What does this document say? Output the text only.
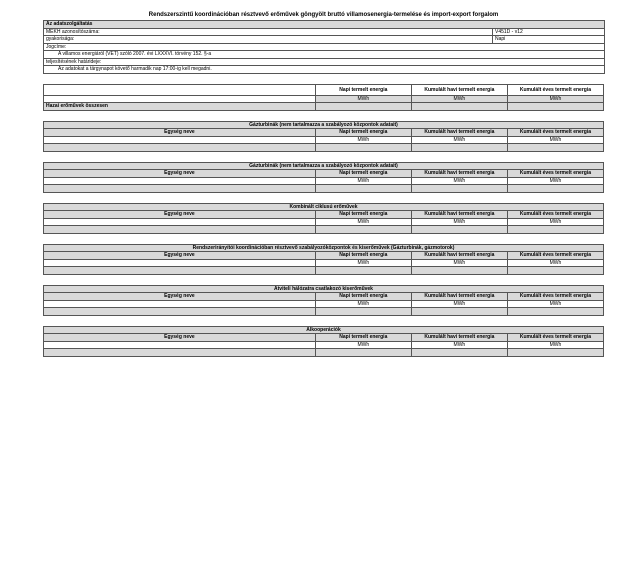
Rendszerszintű koordinációban résztvevő erőművek göngyölt bruttó villamosenergia-termelése és import-export forgalom
Az adatszolgáltatás	
MEKH azonosítószáma:	V451D - v12
gyakorisága:	Napi
Jogcíme:	
A villamos energiáról (VET) szóló 2007. évi LXXXVI. törvény 152. §-a	
teljesítésének határideje:	
Az adatokat a tárgynapot követő harmadik nap 17:00-ig kell megadni.	
	Napi termelt energia	Kumulált havi termelt energia	Kumulált éves termelt energia
	MWh	MWh	MWh
Hazai erőművek összesen			
Gázturbinák (nem tartalmazza a szabályozó központok adatait)			
Egység neve	Napi termelt energia	Kumulált havi termelt energia	Kumulált éves termelt energia
	MWh	MWh	MWh

Gázturbinák (nem tartalmazza a szabályozó központok adatait)			
Egység neve	Napi termelt energia	Kumulált havi termelt energia	Kumulált éves termelt energia
	MWh	MWh	MWh

Kombinált ciklusú erőművek			
Egység neve	Napi termelt energia	Kumulált havi termelt energia	Kumulált éves termelt energia
	MWh	MWh	MWh

Rendszerirányítói koordinációban résztvevő szabályozóközpontok és kiserőművek (Gázturbinák, gázmotorok)			
Egység neve	Napi termelt energia	Kumulált havi termelt energia	Kumulált éves termelt energia
	MWh	MWh	MWh

Átviteli hálózatra csatlakozó kiserőművek			
Egység neve	Napi termelt energia	Kumulált havi termelt energia	Kumulált éves termelt energia
	MWh	MWh	MWh

Alkooperációk			
Egység neve	Napi termelt energia	Kumulált havi termelt energia	Kumulált éves termelt energia
	MWh	MWh	MWh
